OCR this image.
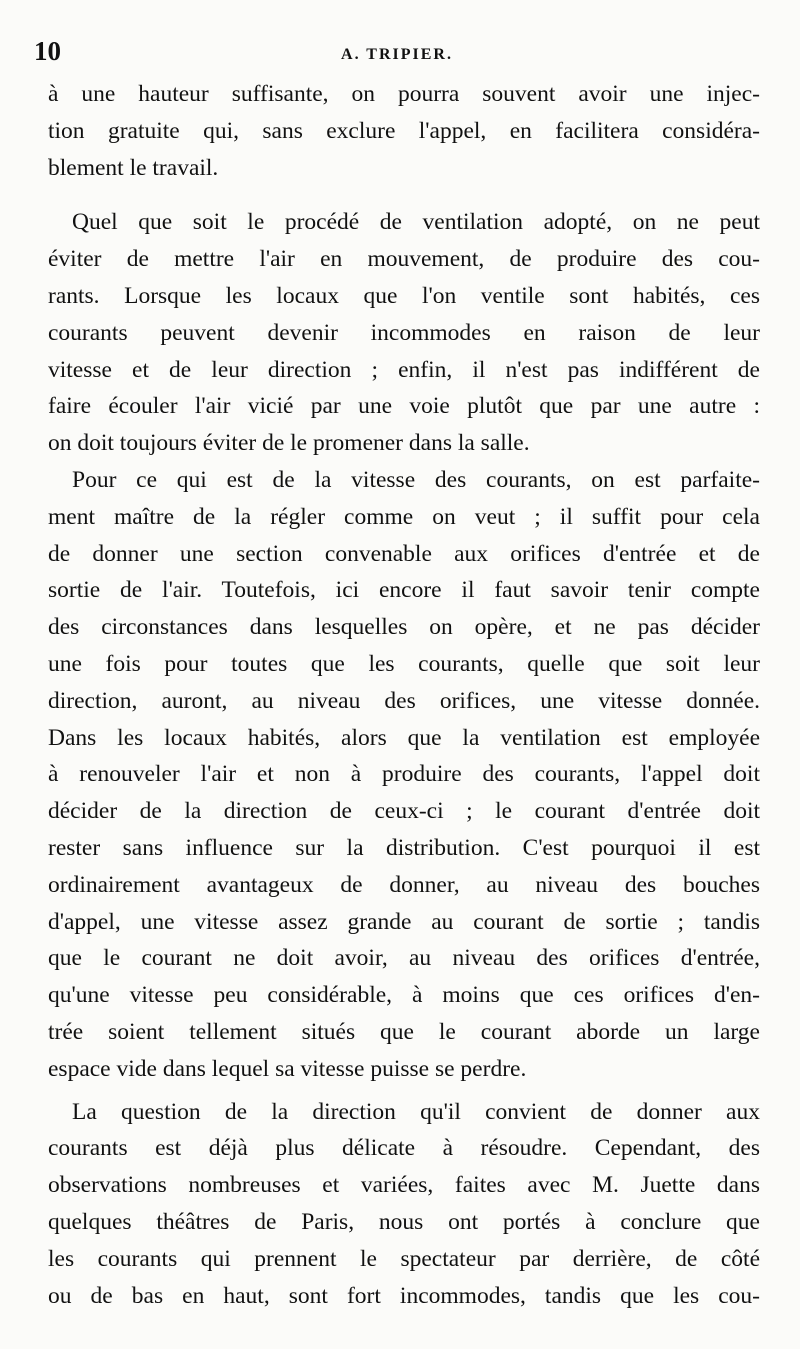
10	A. TRIPIER.
à une hauteur suffisante, on pourra souvent avoir une injec-
tion gratuite qui, sans exclure l'appel, en facilitera considéra-
blement le travail.
Quel que soit le procédé de ventilation adopté, on ne peut
éviter de mettre l'air en mouvement, de produire des cou-
rants. Lorsque les locaux que l'on ventile sont habités, ces
courants peuvent devenir incommodes en raison de leur
vitesse et de leur direction ; enfin, il n'est pas indifférent de
faire écouler l'air vicié par une voie plutôt que par une autre :
on doit toujours éviter de le promener dans la salle.
Pour ce qui est de la vitesse des courants, on est parfaite-
ment maître de la régler comme on veut ; il suffit pour cela
de donner une section convenable aux orifices d'entrée et de
sortie de l'air. Toutefois, ici encore il faut savoir tenir compte
des circonstances dans lesquelles on opère, et ne pas décider
une fois pour toutes que les courants, quelle que soit leur
direction, auront, au niveau des orifices, une vitesse donnée.
Dans les locaux habités, alors que la ventilation est employée
à renouveler l'air et non à produire des courants, l'appel doit
décider de la direction de ceux-ci ; le courant d'entrée doit
rester sans influence sur la distribution. C'est pourquoi il est
ordinairement avantageux de donner, au niveau des bouches
d'appel, une vitesse assez grande au courant de sortie ; tandis
que le courant ne doit avoir, au niveau des orifices d'entrée,
qu'une vitesse peu considérable, à moins que ces orifices d'en-
trée soient tellement situés que le courant aborde un large
espace vide dans lequel sa vitesse puisse se perdre.
La question de la direction qu'il convient de donner aux
courants est déjà plus délicate à résoudre. Cependant, des
observations nombreuses et variées, faites avec M. Juette dans
quelques théâtres de Paris, nous ont portés à conclure que
les courants qui prennent le spectateur par derrière, de côté
ou de bas en haut, sont fort incommodes, tandis que les cou-
